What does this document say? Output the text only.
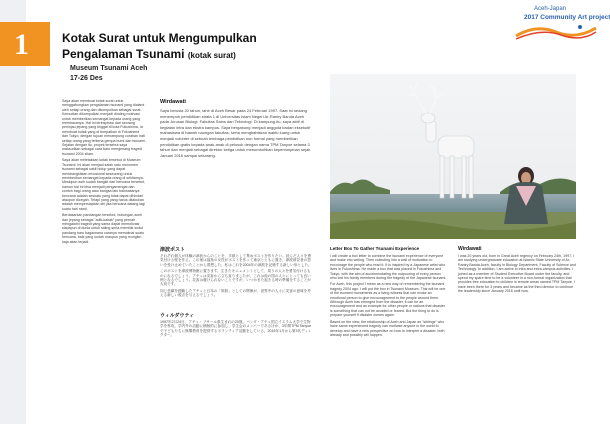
1	Kotak Surat untuk Mengumpulkan
Pengalaman Tsunami (kotak surat)
Museum Tsunami Aceh
17-26 Des
Aceh-Japan
2017 Community Art project

Saya akan membuat kotak surat untuk menggabungkan pengalaman tsunami yang dialami oleh setiap orang dan dikumpulkan sebagai surat. Kemudian dikumpulkan menjadi dinding motivasi untuk memberikan semangat kepada orang yang membacanya. Hal ini terinspirasi dari seorang peninjau jepang yang tinggal di kota Fukushima, ia membuat kotak yang di tempatkan di Fukushima dan Tokyo, dengan tujuan menampung curahan hati setiap orang yang terkena gempa bumi dan tsunami. Sejalan dengan itu, proyek tersebut saya maksudkan sebagai cara baru mengenang tragedi tsunami 2004 silam.

Saya akan meletakkan kotak tersebut di Museum Tsunami. Ini akan menjadi salah satu monumen tsunami sebagai sakit hidup yang dapat membangkitkan emosional seseorang untuk memberikan semangat kepada orang di sekitarnya. Meskipun asih sudah bangkit dari bencana tersebut, namun hal ini bisa menjadi pengamengat dan contoh bagi orang atau bangsa lain bahwasanya bencana adalah sesuatu yang tidak dapat dihindari ataupun dicegah. Tetapi yang yang harus dilakukan adalah mempersiapkan diri jika bencana datang lagi suatu hari nanti.

Berdasarkan pandangan tersebut, hubungan aceh dan jepang sebagai "adik-kakak" yang pernah mengalami tragedi yang sama dapat memotivasi siapapun di dunia untuk saling serta memiliki sudut pandang baru bagaimana caranya memaknai suatu bencana, baik yang sudah maupun yang mungkin saja akan terjadi.

Wirdawati
Saya berusia 20 tahun, lahir di Aceh Besar pada 24 Februari 1997. Saat ini sedang menempuh pendidikan strata 1 di Universitas Islam Negeri Ar-Raniry Banda Aceh pada Jurusan Biologi, Fakultas Sains dan Teknologi. Di kampung itu, saya aktif di kegiatan intra dan ekstra kampus. Saya bergabung menjadi anggota badan eksekutif mahasiswa di bawah naungan fakultas, serta menghabiskan waktu luang untuk menjadi volunter di sebuah lembaga pendidikan non formal yang memberikan pendidikan gratis kepada anak-anak di pelosok dengan nama TPM Tanyoe selama 3 tahun dan menjadi sebagai direktur ketiga untuk menumbuhkan kepemimpinan sejak Januari 2016 sampai sekarang.
津波ポスト

それぞれ個人が体験の津波からのことを、手紙として集めポストを作りたい。読んだ人々を勇気付ける壁を作る。この案は福島の女性がポストを作って東京とともに置き、津波被災者の思いを受け止めていたことから着想した。私はこれを2004年の津波を記憶する新しい形とした。

このポストを津波博物館に置きます。生きたモニュメントとして、周りの人々を勇気付けるものになるでしょう。アチェは災害から立ち直りましたが、これは他の国の人々にとっても良い例となるでしょう。災害は避けられないことですが、いつかまた起きる時の準備をすることが大切です。

同じ悲劇を経験したアチェと日本の「姉妹」としての関係が、世界中の人々に災害の意味を考える新しい視点を与えるでしょう。

ウィルダウティ
1997年2月24日、アチェ・ブサール県生まれの20歳。バンダ・アチェ国立イスラム大学で生物学を専攻。学内外の活動に積極的に参加し、学生会のメンバーであるほか、3年間TPM Tanyoeで子どもたちに無償教育を提供するボランティア活動をしている。2016年1月から第3代ディレクター。
Letter Box To Gather Tsunami Experience

I will create a box letter to combine the tsunami experience of everyone and make into writing. Then collecting into a wall of motivation to encourage the people who read it. It is inspired by a Japanese artist who lives in Fukushima. He made a box that was placed in Fukushima and Tokyo, with the aim of accommodating the outpouring of every person who lost his family members during the tragedy of the Japanese tsunami.

For Aceh, this project I mean as a new way of remembering the tsunami tragedy 2004 ago. I will put the box in Tsunami Museum. This will be one of the tsunami monuments as a living witness that can evoke an emotional person to give encouragement to the people around them. Although Aceh has emerged from the disaster, it can be an encouragement and an example for other people or nations that disaster is something that can not be avoided or feared. But the thing to do is prepare yourself if disaster comes again.

Based on the view, the relationship of Aceh and Japan as "siblings" who have same experienced tragedy can motivate anyone in the world to develop and have a new perspective on how to interpret a disaster, both already and possibly will happen.

Wirdawati
I was 20 years old, born in Great Aceh regency on February 24th, 1997. I am studying undergraduate education at Islamic State University of Ar-Raniry Banda Aceh, faculty in Biology Department, Faculty of Science and Technology. In addition, I am active in intra and extra-campus activities. I joined as a member of Student Executive Board under the faculty, and spend my spare time to be a volunteer in a non-formal organization that provides free education to children in remote areas named TPM Tanyoe. I have been there for 3 years and became as the third director to continue the leadership since January 2016 until now.
